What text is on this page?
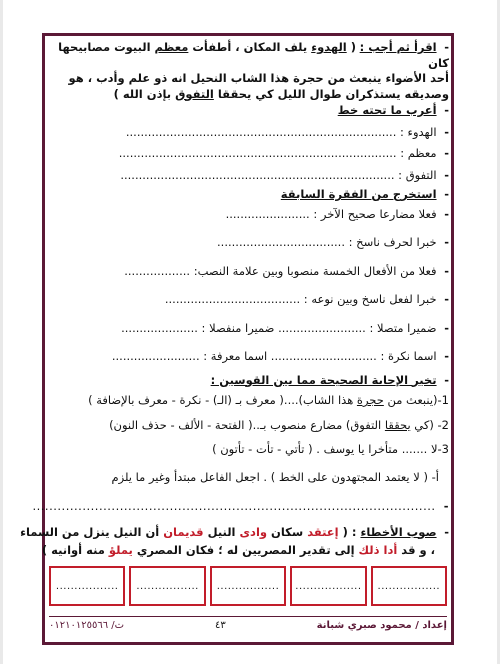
- اقرأ ثم أجب : ( الهدوء يلف المكان ، أطفأت معظم البيوت مصابيحها كان
أحد الأضواء ينبعث من حجرة هذا الشاب النحيل انه ذو علم وأدب ، هو
وصديقه يستذكران طوال الليل كي يحققا التفوق بإذن الله )
- أعرب ما تحته خط
- الهدوء : ..........................................................................
- معظم : ............................................................................
- التفوق : ...........................................................................
- استخرج من الفقرة السابقة
- فعلا مضارعا صحيح الآخر : .......................
- خبرا لحرف ناسخ : ...................................
- فعلا من الأفعال الخمسة منصوبا وبين علامة النصب: ..................
- خبرا لفعل ناسخ وبين نوعه : .....................................
- ضميرا متصلا : ........................ ضميرا منفصلا : .....................
- اسما نكرة : ............................. اسما معرفة : ........................
- تخير الإجابة الصحيحة مما بين القوسين :
1-(ينبعث من حجرة هذا الشاب)....( معرف بـ (الـ) - نكرة - معرف بالإضافة )
2- (كي يحققا التفوق) مضارع منصوب بـ..( الفتحة - الألف - حذف النون)
3-لا ....... متأخرا يا يوسف . ( تأتي - تأت - تأتون )
أ- ( لا يعتمد المجتهدون على الخط ) . اجعل الفاعل مبتدأ وغير ما يلزم
- .................................................................................................
- صوب الأخطاء : ( إعتقد سكان وادى النيل قديمان أن النيل ينزل من السماء
، و قد أدا ذلك إلى تقدير المصريين له ؛ فكان المصري يملؤ منه أوانيه )
.................
..................
.................
.................
.................
ت/ ٠١٢١٠١٢٥٥٦٦	٤٣	إعداد / محمود صبري شبانة
